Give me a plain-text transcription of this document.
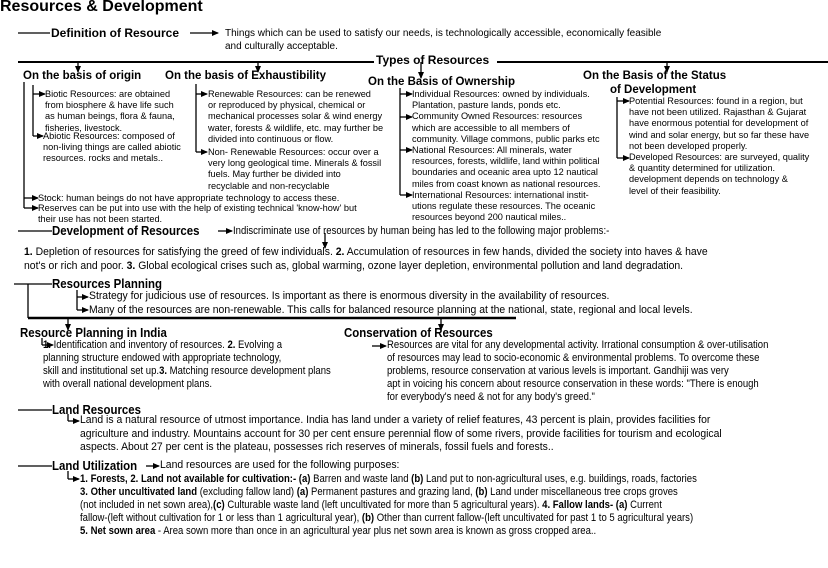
Resources & Development
Definition of Resource	Things which can be used to satisfy our needs, is technologically accessible, economically feasible
and culturally acceptable.
Types of Resources
On the basis of origin
Biotic Resources: are obtained
from biosphere & have life such
as human beings, flora & fauna,
fisheries, livestock.
Abiotic Resources: composed of
non-living things are called abiotic
resources. rocks and metals..
Stock: human beings do not have appropriate technology to access these.
Reserves can be put into use with the help of existing technical 'know-how' but
their use has not been started.
On the basis of Exhaustibility
Renewable Resources: can be renewed
or reproduced by physical, chemical or
mechanical processes solar & wind energy
water, forests & wildlife, etc. may further be
divided into continuous or flow.
Non- Renewable Resources: occur over a
very long geological time. Minerals & fossil
fuels. May further be divided into
recyclable and non-recyclable
On the Basis of Ownership
Individual Resources: owned by individuals.
Plantation, pasture lands, ponds etc.
Community Owned Resources: resources
which are accessible to all members of
community. Village commons, public parks etc
National Resources: All minerals, water
resources, forests, wildlife, land within political
boundaries and oceanic area upto 12 nautical
miles from coast known as national resources.
International Resources: international instit-
utions regulate these resources. The oceanic
resources beyond 200 nautical miles..
On the Basis of the Status
of Development
Potential Resources: found in a region, but
have not been utilized. Rajasthan & Gujarat
have enormous potential for development of
wind and solar energy, but so far these have
not been developed properly.
Developed Resources: are surveyed, quality
& quantity determined for utilization.
development depends on technology &
level of their feasibility.
Development of Resources	Indiscriminate use of resources by human being has led to the following major problems:-
1. Depletion of resources for satisfying the greed of few individuals. 2. Accumulation of resources in few hands, divided the society into haves & have
not's or rich and poor. 3. Global ecological crises such as, global warming, ozone layer depletion, environmental pollution and land degradation.
Resources Planning
Strategy for judicious use of resources. Is important as there is enormous diversity in the availability of resources.
Many of the resources are non-renewable. This calls for balanced resource planning at the national, state, regional and local levels.
Resource Planning in India
1. Identification and inventory of resources. 2. Evolving a
planning structure endowed with appropriate technology,
skill and institutional set up.3. Matching resource development plans
with overall national development plans.
Conservation of Resources
Resources are vital for any developmental activity. Irrational consumption & over-utilisation
of resources may lead to socio-economic & environmental problems. To overcome these
problems, resource conservation at various levels is important. Gandhiji was very
apt in voicing his concern about resource conservation in these words: "There is enough
for everybody's need & not for any body's greed."
Land Resources
Land is a natural resource of utmost importance. India has land under a variety of relief features, 43 percent is plain, provides facilities for
agriculture and industry. Mountains account for 30 per cent ensure perennial flow of some rivers, provide facilities for tourism and ecological
aspects. About 27 per cent is the plateau, possesses rich reserves of minerals, fossil fuels and forests..
Land Utilization Land resources are used for the following purposes:
1. Forests, 2. Land not available for cultivation:- (a) Barren and waste land (b) Land put to non-agricultural uses, e.g. buildings, roads, factories
3. Other uncultivated land (excluding fallow land) (a) Permanent pastures and grazing land, (b) Land under miscellaneous tree crops groves
(not included in net sown area),(c) Culturable waste land (left uncultivated for more than 5 agricultural years). 4. Fallow lands- (a) Current
fallow-(left without cultivation for 1 or less than 1 agricultural year), (b) Other than current fallow-(left uncultivated for past 1 to 5 agricultural years)
5. Net sown area - Area sown more than once in an agricultural year plus net sown area is known as gross cropped area..
